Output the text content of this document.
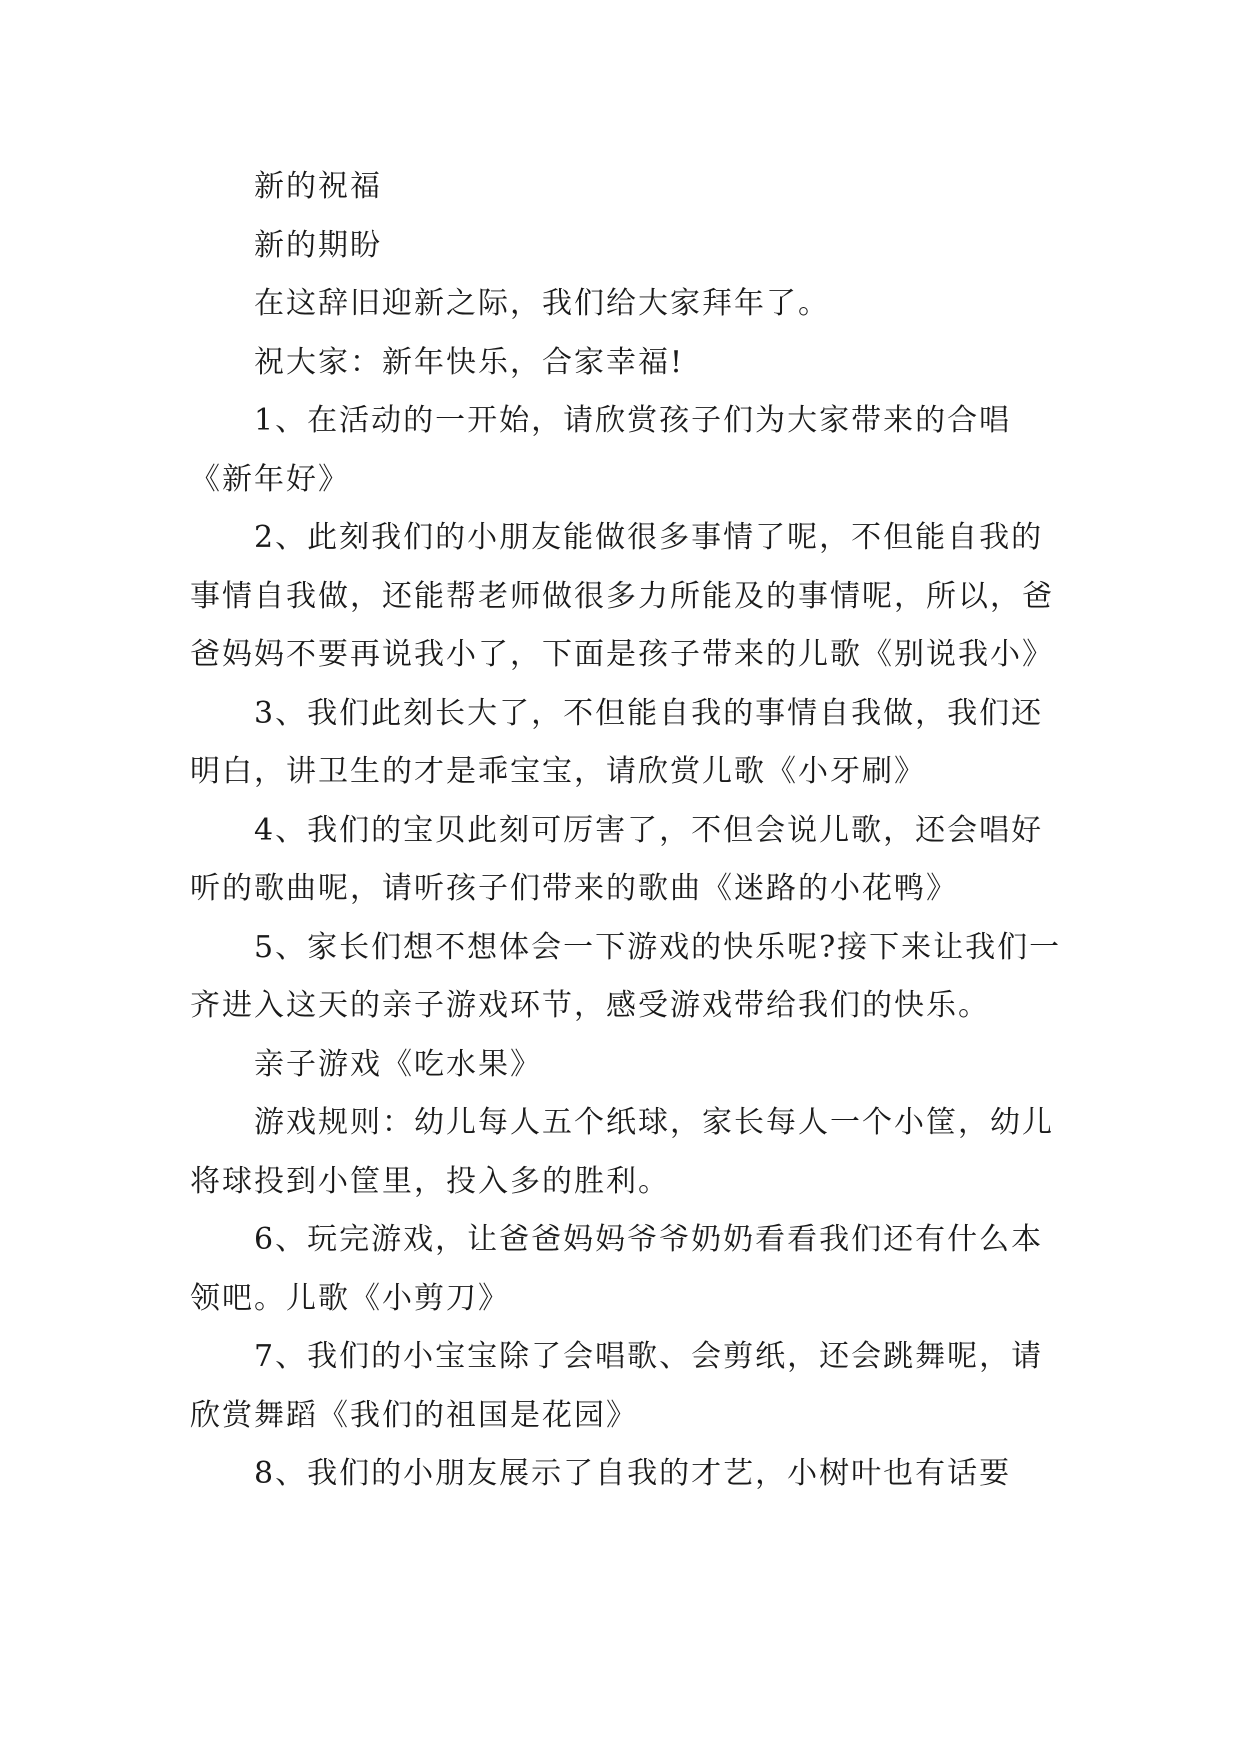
新的祝福

新的期盼

在这辞旧迎新之际，我们给大家拜年了。

祝大家：新年快乐，合家幸福!

1、在活动的一开始，请欣赏孩子们为大家带来的合唱《新年好》

2、此刻我们的小朋友能做很多事情了呢，不但能自我的事情自我做，还能帮老师做很多力所能及的事情呢，所以，爸爸妈妈不要再说我小了，下面是孩子带来的儿歌《别说我小》

3、我们此刻长大了，不但能自我的事情自我做，我们还明白，讲卫生的才是乖宝宝，请欣赏儿歌《小牙刷》

4、我们的宝贝此刻可厉害了，不但会说儿歌，还会唱好听的歌曲呢，请听孩子们带来的歌曲《迷路的小花鸭》

5、家长们想不想体会一下游戏的快乐呢?接下来让我们一齐进入这天的亲子游戏环节，感受游戏带给我们的快乐。

亲子游戏《吃水果》

游戏规则：幼儿每人五个纸球，家长每人一个小筐，幼儿将球投到小筐里，投入多的胜利。

6、玩完游戏，让爸爸妈妈爷爷奶奶看看我们还有什么本领吧。儿歌《小剪刀》

7、我们的小宝宝除了会唱歌、会剪纸，还会跳舞呢，请欣赏舞蹈《我们的祖国是花园》

8、我们的小朋友展示了自我的才艺，小树叶也有话要
